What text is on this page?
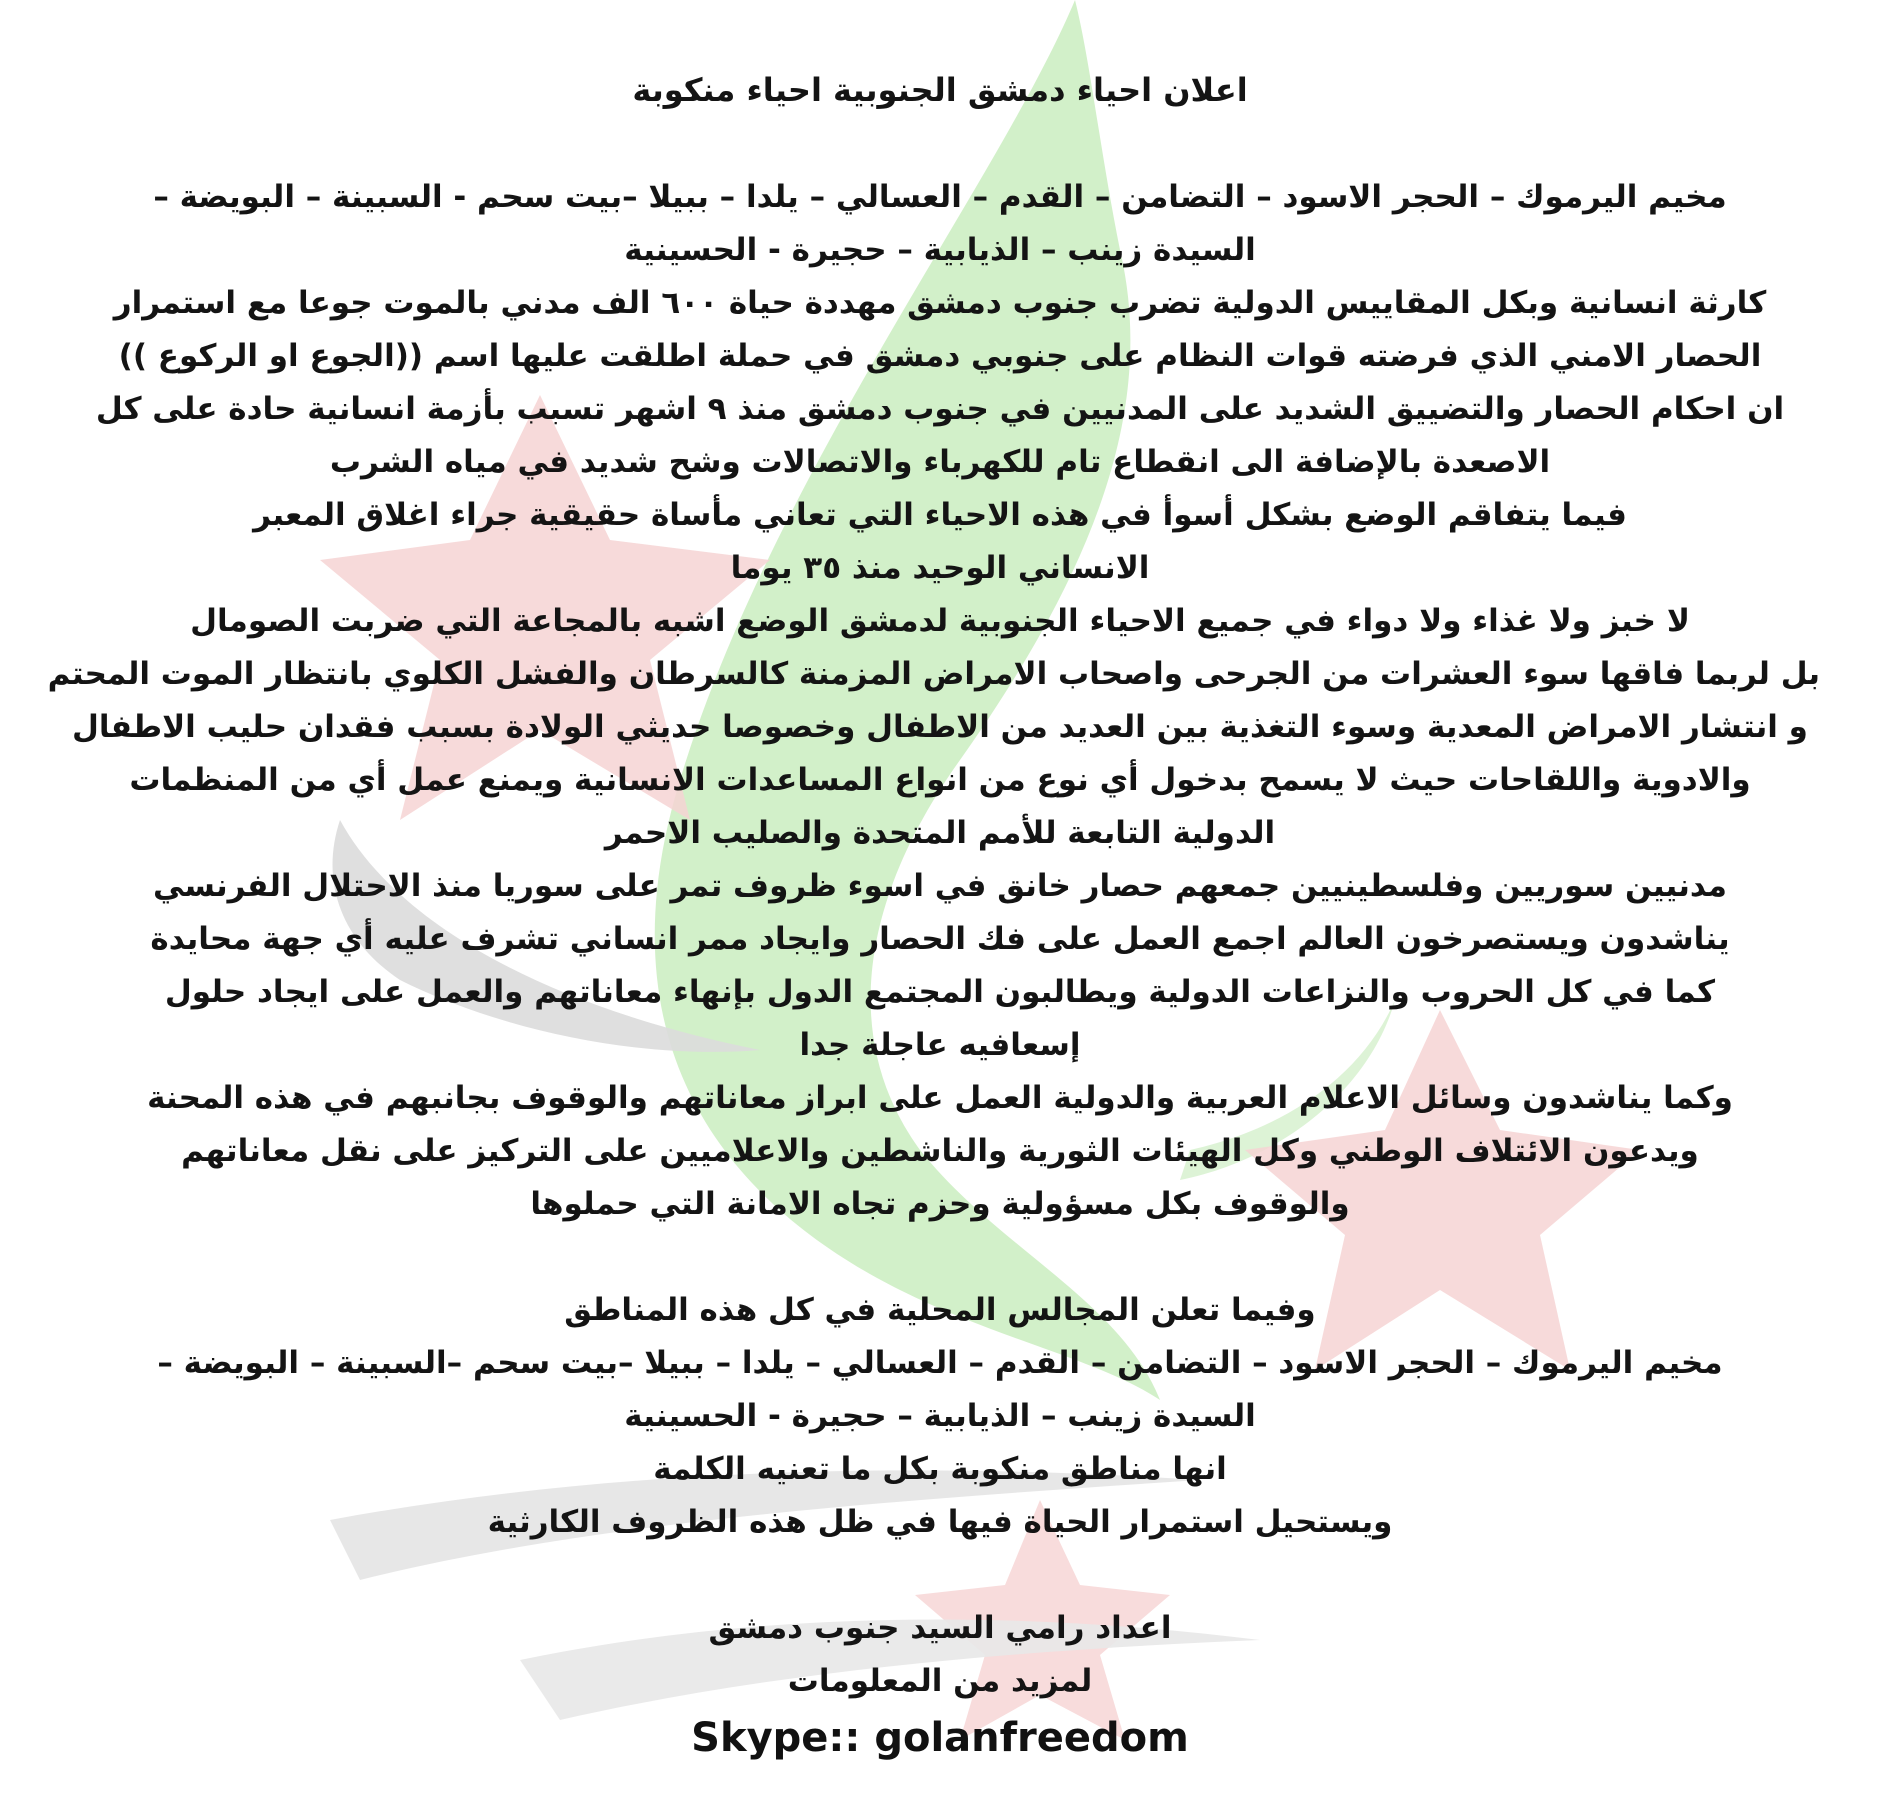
اعلان احياء دمشق الجنوبية احياء منكوبة
مخيم اليرموك – الحجر الاسود – التضامن – القدم – العسالي – يلدا – ببيلا –بيت سحم - السبينة – البويضة –
السيدة زينب – الذيابية – حجيرة - الحسينية
كارثة انسانية وبكل المقاييس الدولية تضرب جنوب دمشق مهددة حياة ٦٠٠ الف مدني بالموت جوعا مع استمرار
الحصار الامني الذي فرضته قوات النظام على جنوبي دمشق في حملة اطلقت عليها اسم ((الجوع او الركوع ))
ان احكام الحصار والتضييق الشديد على المدنيين في جنوب دمشق منذ ٩ اشهر تسبب بأزمة انسانية حادة على كل
الاصعدة بالإضافة الى انقطاع تام للكهرباء والاتصالات وشح شديد في مياه الشرب
فيما يتفاقم الوضع بشكل أسوأ في هذه الاحياء التي تعاني مأساة حقيقية جراء اغلاق المعبر
الانساني الوحيد منذ ٣٥ يوما
لا خبز ولا غذاء ولا دواء في جميع الاحياء الجنوبية لدمشق الوضع اشبه بالمجاعة التي ضربت الصومال
بل لربما فاقها سوء العشرات من الجرحى واصحاب الامراض المزمنة كالسرطان والفشل الكلوي بانتظار الموت المحتم
و انتشار الامراض المعدية وسوء التغذية بين العديد من الاطفال وخصوصا حديثي الولادة بسبب فقدان حليب الاطفال
والادوية واللقاحات حيث لا يسمح بدخول أي نوع من انواع المساعدات الانسانية ويمنع عمل أي من المنظمات
الدولية التابعة للأمم المتحدة والصليب الاحمر
مدنيين سوريين وفلسطينيين جمعهم حصار خانق في اسوء ظروف تمر على سوريا منذ الاحتلال الفرنسي
يناشدون ويستصرخون العالم اجمع العمل على فك الحصار وايجاد ممر انساني تشرف عليه أي جهة محايدة
كما في كل الحروب والنزاعات الدولية ويطالبون المجتمع الدول بإنهاء معاناتهم والعمل على ايجاد حلول
إسعافيه عاجلة جدا
وكما يناشدون وسائل الاعلام العربية والدولية العمل على ابراز معاناتهم والوقوف بجانبهم في هذه المحنة
ويدعون الائتلاف الوطني وكل الهيئات الثورية والناشطين والاعلاميين على التركيز على نقل معاناتهم
والوقوف بكل مسؤولية وحزم تجاه الامانة التي حملوها
وفيما تعلن المجالس المحلية في كل هذه المناطق
مخيم اليرموك – الحجر الاسود – التضامن – القدم – العسالي – يلدا – ببيلا –بيت سحم –السبينة – البويضة –
السيدة زينب – الذيابية – حجيرة - الحسينية
انها مناطق منكوبة بكل ما تعنيه الكلمة
ويستحيل استمرار الحياة فيها في ظل هذه الظروف الكارثية
اعداد رامي السيد جنوب دمشق
لمزيد من المعلومات
Skype:: golanfreedom
